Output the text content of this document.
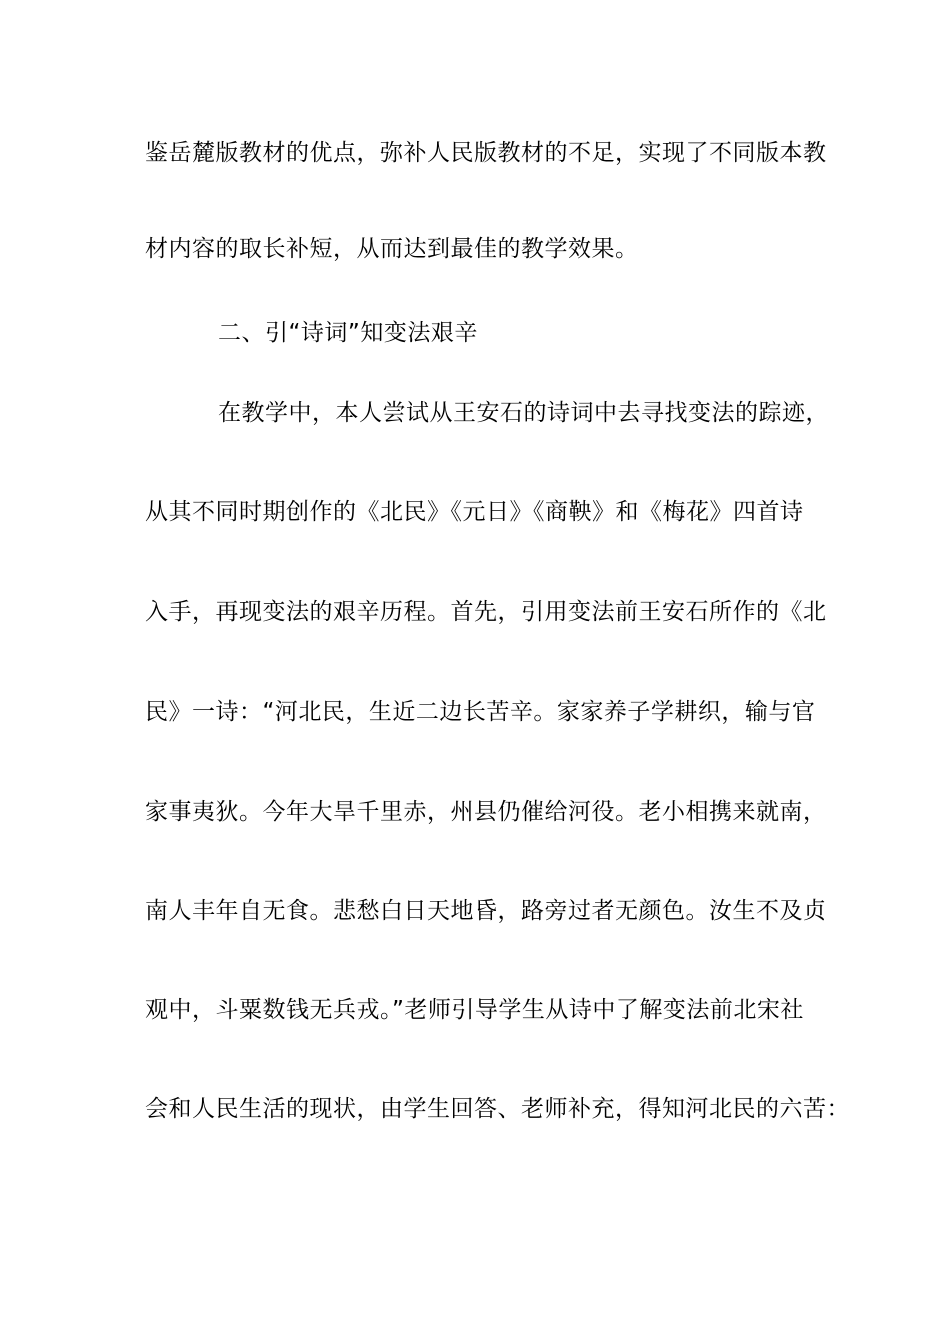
鉴岳麓版教材的优点，弥补人民版教材的不足，实现了不同版本教
材内容的取长补短，从而达到最佳的教学效果。
二、引“诗词”知变法艰辛
在教学中，本人尝试从王安石的诗词中去寻找变法的踪迹，
从其不同时期创作的《北民》《元日》《商鞅》和《梅花》四首诗
入手，再现变法的艰辛历程。首先，引用变法前王安石所作的《北
民》一诗：“河北民，生近二边长苦辛。家家养子学耕织，输与官
家事夷狄。今年大旱千里赤，州县仍催给河役。老小相携来就南，
南人丰年自无食。悲愁白日天地昏，路旁过者无颜色。汝生不及贞
观中，斗粟数钱无兵戎。”老师引导学生从诗中了解变法前北宋社
会和人民生活的现状，由学生回答、老师补充，得知河北民的六苦：
